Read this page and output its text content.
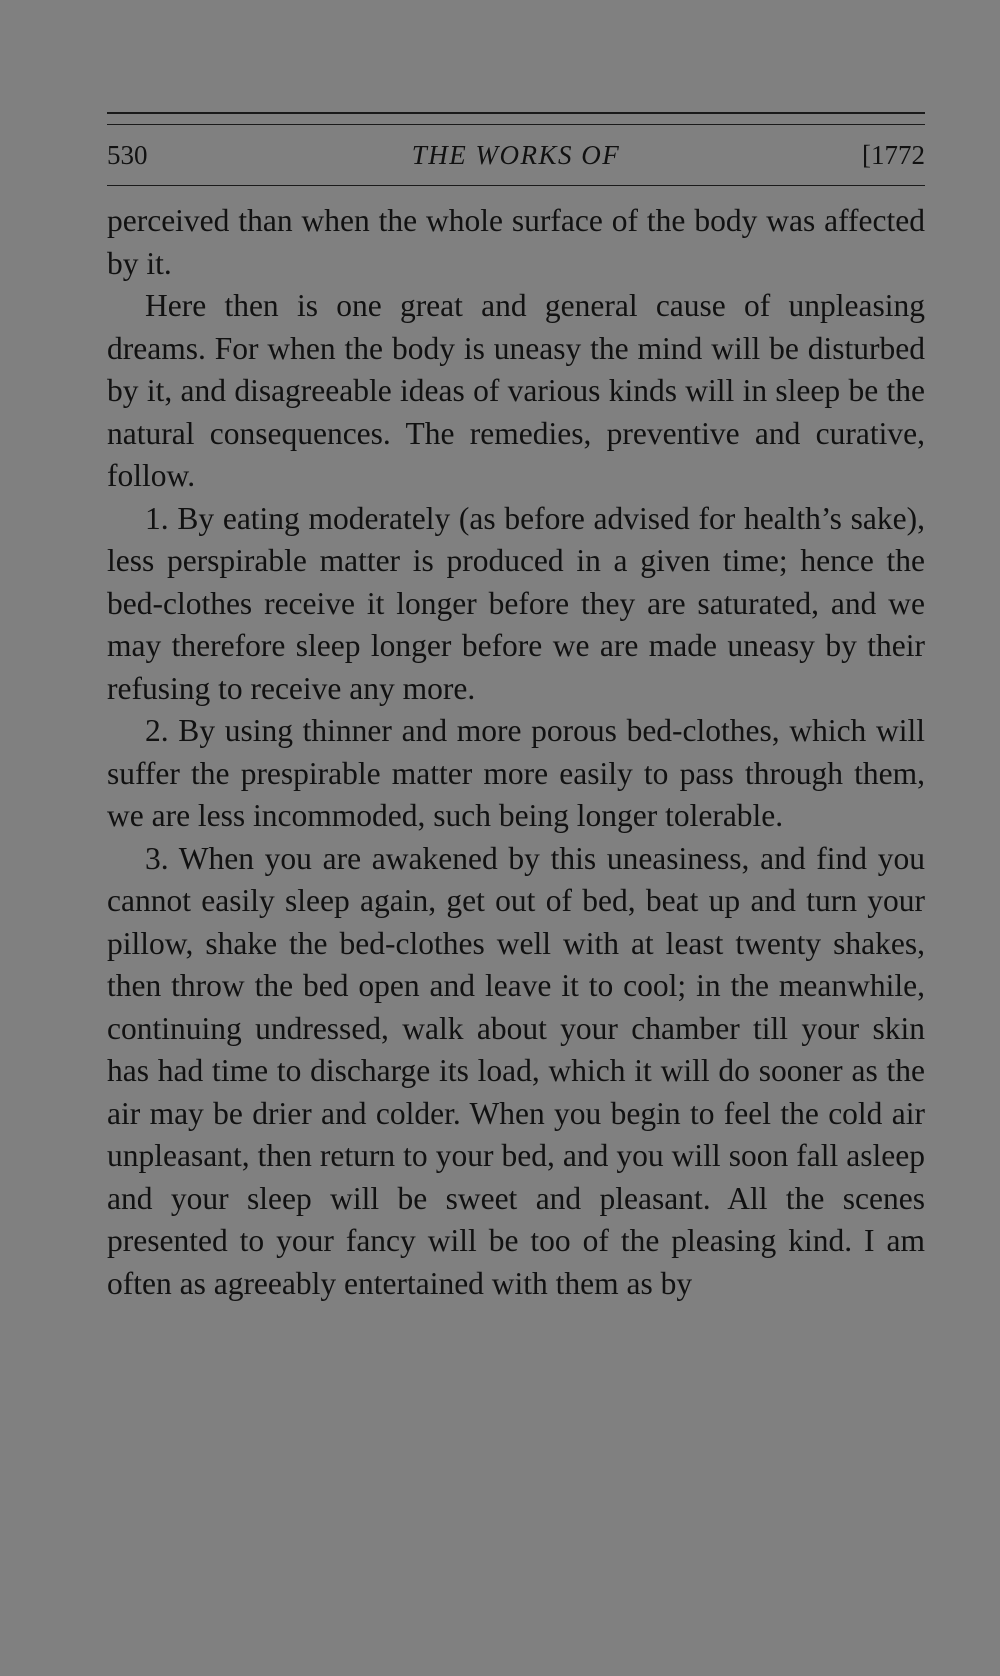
530	THE WORKS OF	[1772

perceived than when the whole surface of the body was affected by it.

Here then is one great and general cause of unpleasing dreams. For when the body is uneasy the mind will be disturbed by it, and disagreeable ideas of various kinds will in sleep be the natural consequences. The remedies, preventive and curative, follow.

1. By eating moderately (as before advised for health’s sake), less perspirable matter is produced in a given time; hence the bed-clothes receive it longer before they are saturated, and we may therefore sleep longer before we are made uneasy by their refusing to receive any more.

2. By using thinner and more porous bed-clothes, which will suffer the prespirable matter more easily to pass through them, we are less incommoded, such being longer tolerable.

3. When you are awakened by this uneasiness, and find you cannot easily sleep again, get out of bed, beat up and turn your pillow, shake the bed-clothes well with at least twenty shakes, then throw the bed open and leave it to cool; in the meanwhile, continuing undressed, walk about your chamber till your skin has had time to discharge its load, which it will do sooner as the air may be drier and colder. When you begin to feel the cold air unpleasant, then return to your bed, and you will soon fall asleep and your sleep will be sweet and pleasant. All the scenes presented to your fancy will be too of the pleasing kind. I am often as agreeably entertained with them as by
